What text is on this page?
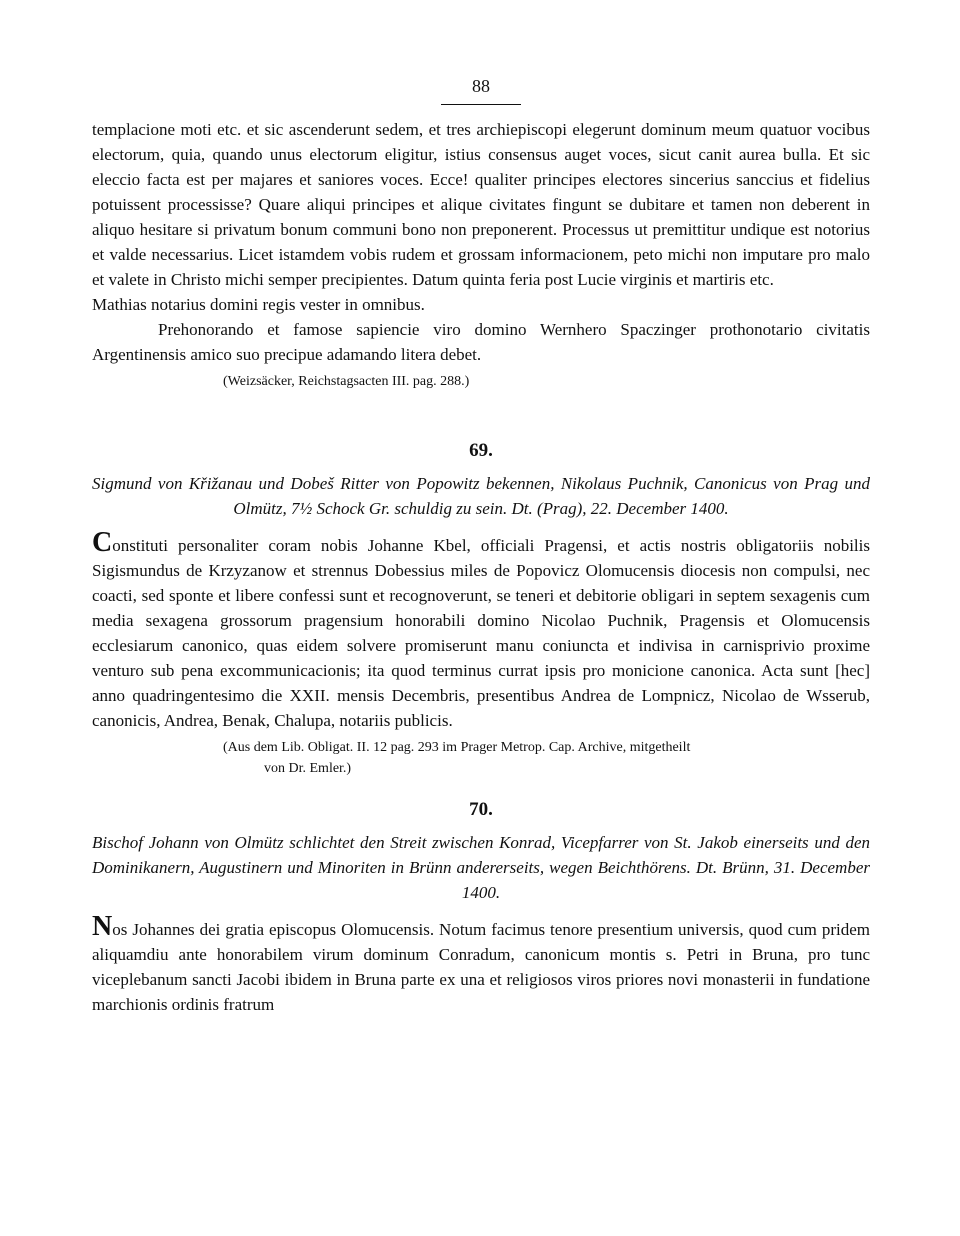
88

templacione moti etc. et sic ascenderunt sedem, et tres archiepiscopi elegerunt dominum meum quatuor vocibus electorum, quia, quando unus electorum eligitur, istius consensus auget voces, sicut canit aurea bulla. Et sic eleccio facta est per majares et saniores voces. Ecce! qualiter principes electores sincerius sanccius et fidelius potuissent processisse? Quare aliqui principes et alique civitates fingunt se dubitare et tamen non deberent in aliquo hesitare si privatum bonum communi bono non preponerent. Processus ut premittitur undique est notorius et valde necessarius. Licet istamdem vobis rudem et grossam informacionem, peto michi non imputare pro malo et valete in Christo michi semper precipientes. Datum quinta feria post Lucie virginis et martiris etc.

Mathias notarius domini regis vester in omnibus.

Prehonorando et famose sapiencie viro domino Wernhero Spaczinger prothonotario civitatis Argentinensis amico suo precipue adamando litera debet.

(Weizsäcker, Reichstagsacten III. pag. 288.)

69.

Sigmund von Křižanau und Dobeš Ritter von Popowitz bekennen, Nikolaus Puchnik, Canonicus von Prag und Olmütz, 7½ Schock Gr. schuldig zu sein. Dt. (Prag), 22. December 1400.

Constituti personaliter coram nobis Johanne Kbel, officiali Pragensi, et actis nostris obligatoriis nobilis Sigismundus de Krzyzanow et strennus Dobessius miles de Popovicz Olomucensis diocesis non compulsi, nec coacti, sed sponte et libere confessi sunt et recognoverunt, se teneri et debitorie obligari in septem sexagenis cum media sexagena grossorum pragensium honorabili domino Nicolao Puchnik, Pragensis et Olomucensis ecclesiarum canonico, quas eidem solvere promiserunt manu coniuncta et indivisa in carnisprivio proxime venturo sub pena excommunicacionis; ita quod terminus currat ipsis pro monicione canonica. Acta sunt [hec] anno quadringentesimo die XXII. mensis Decembris, presentibus Andrea de Lompnicz, Nicolao de Wsserub, canonicis, Andrea, Benak, Chalupa, notariis publicis.

(Aus dem Lib. Obligat. II. 12 pag. 293 im Prager Metrop. Cap. Archive, mitgetheilt

von Dr. Emler.)

70.

Bischof Johann von Olmütz schlichtet den Streit zwischen Konrad, Vicepfarrer von St. Jakob einerseits und den Dominikanern, Augustinern und Minoriten in Brünn andererseits, wegen Beichthörens. Dt. Brünn, 31. December 1400.

Nos Johannes dei gratia episcopus Olomucensis. Notum facimus tenore presentium universis, quod cum pridem aliquamdiu ante honorabilem virum dominum Conradum, canonicum montis s. Petri in Bruna, pro tunc viceplebanum sancti Jacobi ibidem in Bruna parte ex una et religiosos viros priores novi monasterii in fundatione marchionis ordinis fratrum
